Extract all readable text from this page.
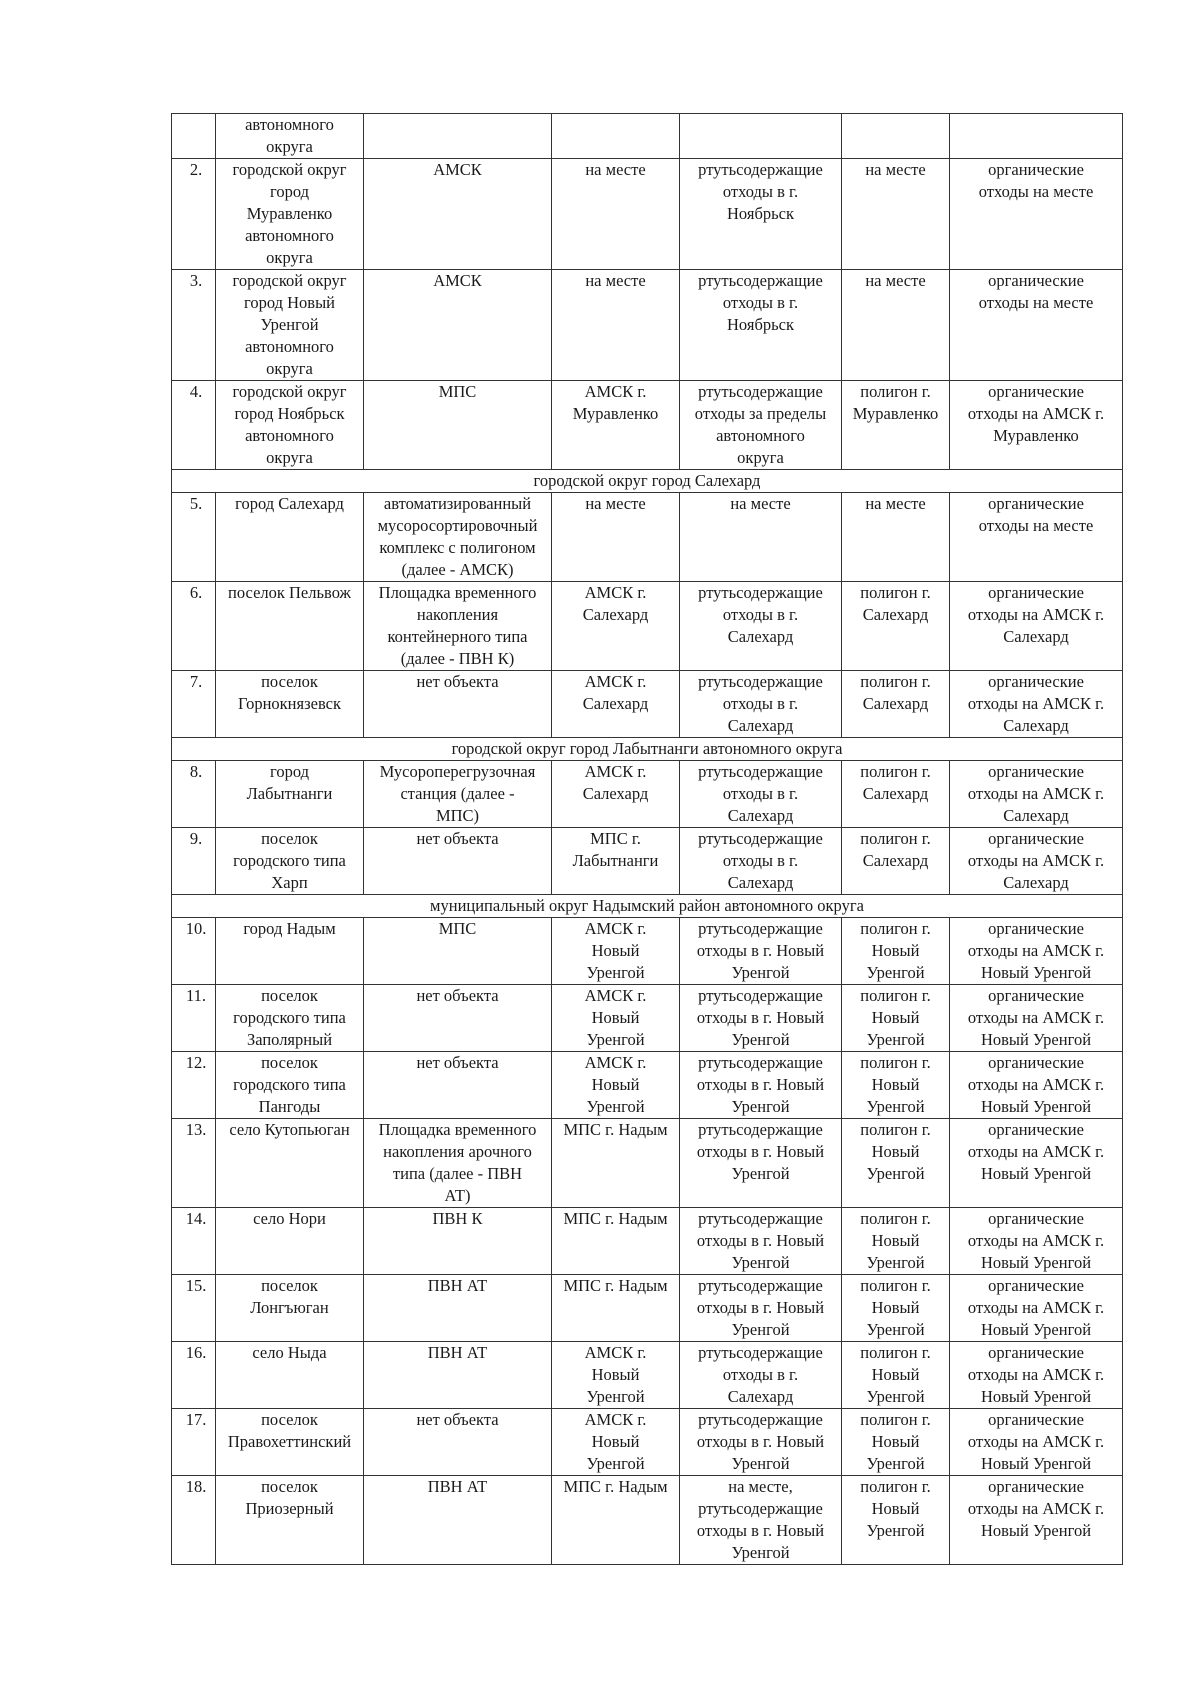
	автономного
округа					
2.	городской округ
город
Муравленко
автономного
округа	АМСК	на месте	ртутьсодержащие
отходы в г.
Ноябрьск	на месте	органические
отходы на месте
3.	городской округ
город Новый
Уренгой
автономного
округа	АМСК	на месте	ртутьсодержащие
отходы в г.
Ноябрьск	на месте	органические
отходы на месте
4.	городской округ
город Ноябрьск
автономного
округа	МПС	АМСК г.
Муравленко	ртутьсодержащие
отходы за пределы
автономного
округа	полигон г.
Муравленко	органические
отходы на АМСК г.
Муравленко
городской округ город Салехард						
5.	город Салехард	автоматизированный
мусоросортировочный
комплекс с полигоном
(далее - АМСК)	на месте	на месте	на месте	органические
отходы на месте
6.	поселок Пельвож	Площадка временного
накопления
контейнерного типа
(далее - ПВН К)	АМСК г.
Салехард	ртутьсодержащие
отходы в г.
Салехард	полигон г.
Салехард	органические
отходы на АМСК г.
Салехард
7.	поселок
Горнокнязевск	нет объекта	АМСК г.
Салехард	ртутьсодержащие
отходы в г.
Салехард	полигон г.
Салехард	органические
отходы на АМСК г.
Салехард
городской округ город Лабытнанги автономного округа						
8.	город
Лабытнанги	Мусороперегрузочная
станция (далее -
МПС)	АМСК г.
Салехард	ртутьсодержащие
отходы в г.
Салехард	полигон г.
Салехард	органические
отходы на АМСК г.
Салехард
9.	поселок
городского типа
Харп	нет объекта	МПС г.
Лабытнанги	ртутьсодержащие
отходы в г.
Салехард	полигон г.
Салехард	органические
отходы на АМСК г.
Салехард
муниципальный округ Надымский район автономного округа						
10.	город Надым	МПС	АМСК г.
Новый
Уренгой	ртутьсодержащие
отходы в г. Новый
Уренгой	полигон г.
Новый
Уренгой	органические
отходы на АМСК г.
Новый Уренгой
11.	поселок
городского типа
Заполярный	нет объекта	АМСК г.
Новый
Уренгой	ртутьсодержащие
отходы в г. Новый
Уренгой	полигон г.
Новый
Уренгой	органические
отходы на АМСК г.
Новый Уренгой
12.	поселок
городского типа
Пангоды	нет объекта	АМСК г.
Новый
Уренгой	ртутьсодержащие
отходы в г. Новый
Уренгой	полигон г.
Новый
Уренгой	органические
отходы на АМСК г.
Новый Уренгой
13.	село Кутопьюган	Площадка временного
накопления арочного
типа (далее - ПВН
АТ)	МПС г. Надым	ртутьсодержащие
отходы в г. Новый
Уренгой	полигон г.
Новый
Уренгой	органические
отходы на АМСК г.
Новый Уренгой
14.	село Нори	ПВН К	МПС г. Надым	ртутьсодержащие
отходы в г. Новый
Уренгой	полигон г.
Новый
Уренгой	органические
отходы на АМСК г.
Новый Уренгой
15.	поселок
Лонгъюган	ПВН АТ	МПС г. Надым	ртутьсодержащие
отходы в г. Новый
Уренгой	полигон г.
Новый
Уренгой	органические
отходы на АМСК г.
Новый Уренгой
16.	село Ныда	ПВН АТ	АМСК г.
Новый
Уренгой	ртутьсодержащие
отходы в г.
Салехард	полигон г.
Новый
Уренгой	органические
отходы на АМСК г.
Новый Уренгой
17.	поселок
Правохеттинский	нет объекта	АМСК г.
Новый
Уренгой	ртутьсодержащие
отходы в г. Новый
Уренгой	полигон г.
Новый
Уренгой	органические
отходы на АМСК г.
Новый Уренгой
18.	поселок
Приозерный	ПВН АТ	МПС г. Надым	на месте,
ртутьсодержащие
отходы в г. Новый
Уренгой	полигон г.
Новый
Уренгой	органические
отходы на АМСК г.
Новый Уренгой
